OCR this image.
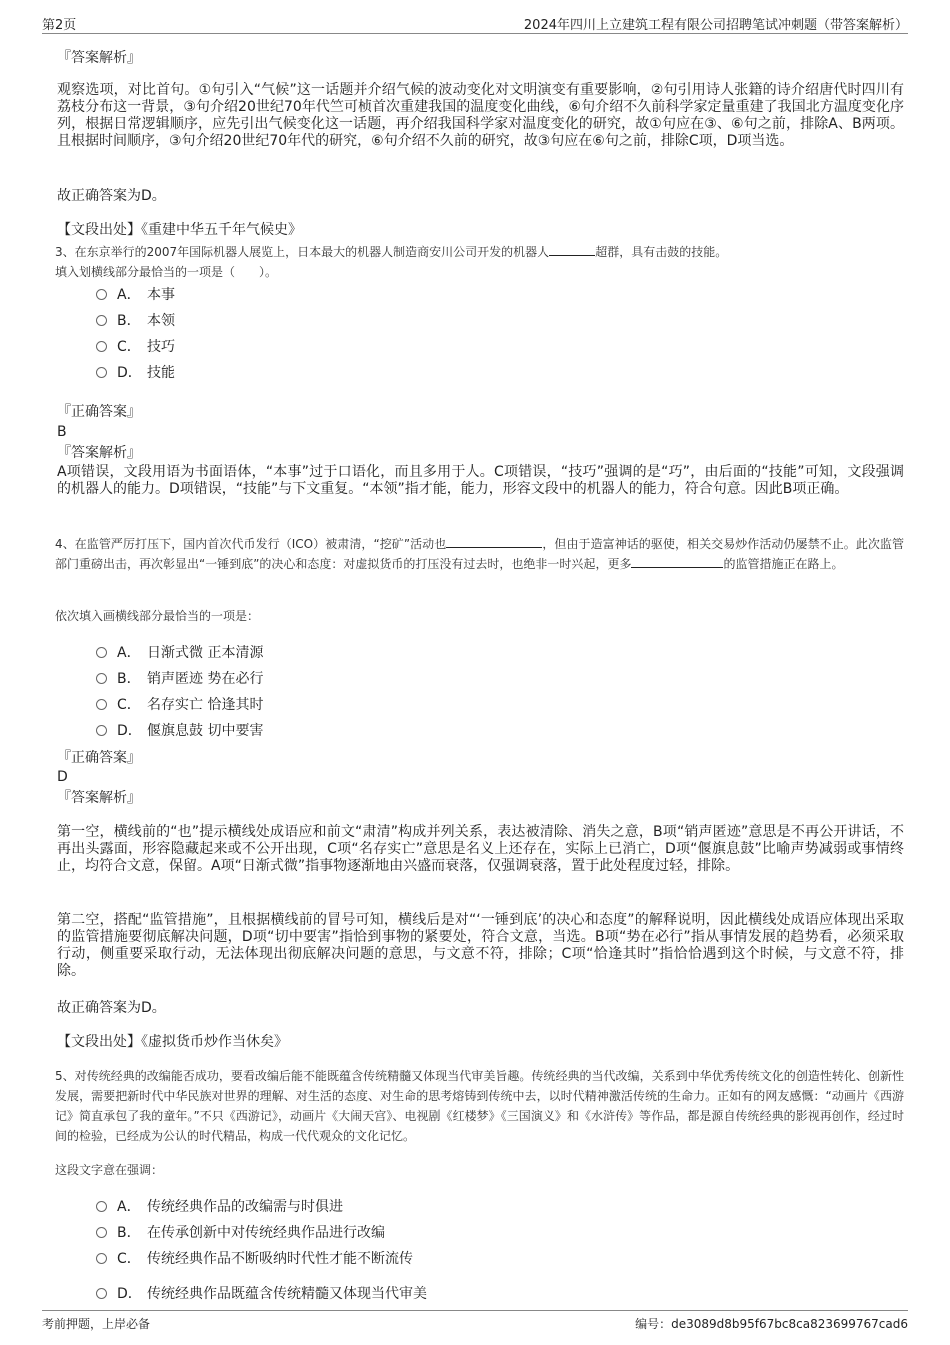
第2页	2024年四川上立建筑工程有限公司招聘笔试冲刺题（带答案解析）
『答案解析』
观察选项，对比首句。①句引入“气候”这一话题并介绍气候的波动变化对文明演变有重要影响，②句引用诗人张籍的诗介绍唐代时四川有荔枝分布这一背景，③句介绍20世纪70年代竺可桢首次重建我国的温度变化曲线，⑥句介绍不久前科学家定量重建了我国北方温度变化序列，根据日常逻辑顺序，应先引出气候变化这一话题，再介绍我国科学家对温度变化的研究，故①句应在③、⑥句之前，排除A、B两项。且根据时间顺序，③句介绍20世纪70年代的研究，⑥句介绍不久前的研究，故③句应在⑥句之前，排除C项，D项当选。
故正确答案为D。
【文段出处】《重建中华五千年气候史》
3、在东京举行的2007年国际机器人展览上，日本最大的机器人制造商安川公司开发的机器人	超群，具有击鼓的技能。
填入划横线部分最恰当的一项是（　　）。
A． 本事
B． 本领
C． 技巧
D． 技能
『正确答案』
B
『答案解析』
A项错误，文段用语为书面语体，“本事”过于口语化，而且多用于人。C项错误，“技巧”强调的是“巧”，由后面的“技能”可知，文段强调的机器人的能力。D项错误，“技能”与下文重复。“本领”指才能，能力，形容文段中的机器人的能力，符合句意。因此B项正确。
4、在监管严厉打压下，国内首次代币发行（ICO）被肃清，“挖矿”活动也	，但由于造富神话的驱使，相关交易炒作活动仍屡禁不止。此次监管部门重磅出击，再次彰显出“一锤到底”的决心和态度：对虚拟货币的打压没有过去时，也绝非一时兴起，更多	的监管措施正在路上。
依次填入画横线部分最恰当的一项是：
A． 日渐式微 正本清源
B． 销声匿迹 势在必行
C． 名存实亡 恰逢其时
D． 偃旗息鼓 切中要害
『正确答案』
D
『答案解析』
第一空，横线前的“也”提示横线处成语应和前文“肃清”构成并列关系，表达被清除、消失之意，B项“销声匿迹”意思是不再公开讲话，不再出头露面，形容隐藏起来或不公开出现，C项“名存实亡”意思是名义上还存在，实际上已消亡，D项“偃旗息鼓”比喻声势减弱或事情终止，均符合文意，保留。A项“日渐式微”指事物逐渐地由兴盛而衰落，仅强调衰落，置于此处程度过轻，排除。
第二空，搭配“监管措施”，且根据横线前的冒号可知，横线后是对“‘一锤到底’的决心和态度”的解释说明，因此横线处成语应体现出采取的监管措施要彻底解决问题，D项“切中要害”指恰到事物的紧要处，符合文意，当选。B项“势在必行”指从事情发展的趋势看，必须采取行动，侧重要采取行动，无法体现出彻底解决问题的意思，与文意不符，排除；C项“恰逢其时”指恰恰遇到这个时候，与文意不符，排除。
故正确答案为D。
【文段出处】《虚拟货币炒作当休矣》
5、对传统经典的改编能否成功，要看改编后能不能既蕴含传统精髓又体现当代审美旨趣。传统经典的当代改编，关系到中华优秀传统文化的创造性转化、创新性发展，需要把新时代中华民族对世界的理解、对生活的态度、对生命的思考熔铸到传统中去，以时代精神激活传统的生命力。正如有的网友感慨：“动画片《西游记》简直承包了我的童年。”不只《西游记》，动画片《大闹天宫》、电视剧《红楼梦》《三国演义》和《水浒传》等作品，都是源自传统经典的影视再创作，经过时间的检验，已经成为公认的时代精品，构成一代代观众的文化记忆。
这段文字意在强调：
A． 传统经典作品的改编需与时俱进
B． 在传承创新中对传统经典作品进行改编
C． 传统经典作品不断吸纳时代性才能不断流传
D． 传统经典作品既蕴含传统精髓又体现当代审美
考前押题，上岸必备	编号：de3089d8b95f67bc8ca823699767cad6
